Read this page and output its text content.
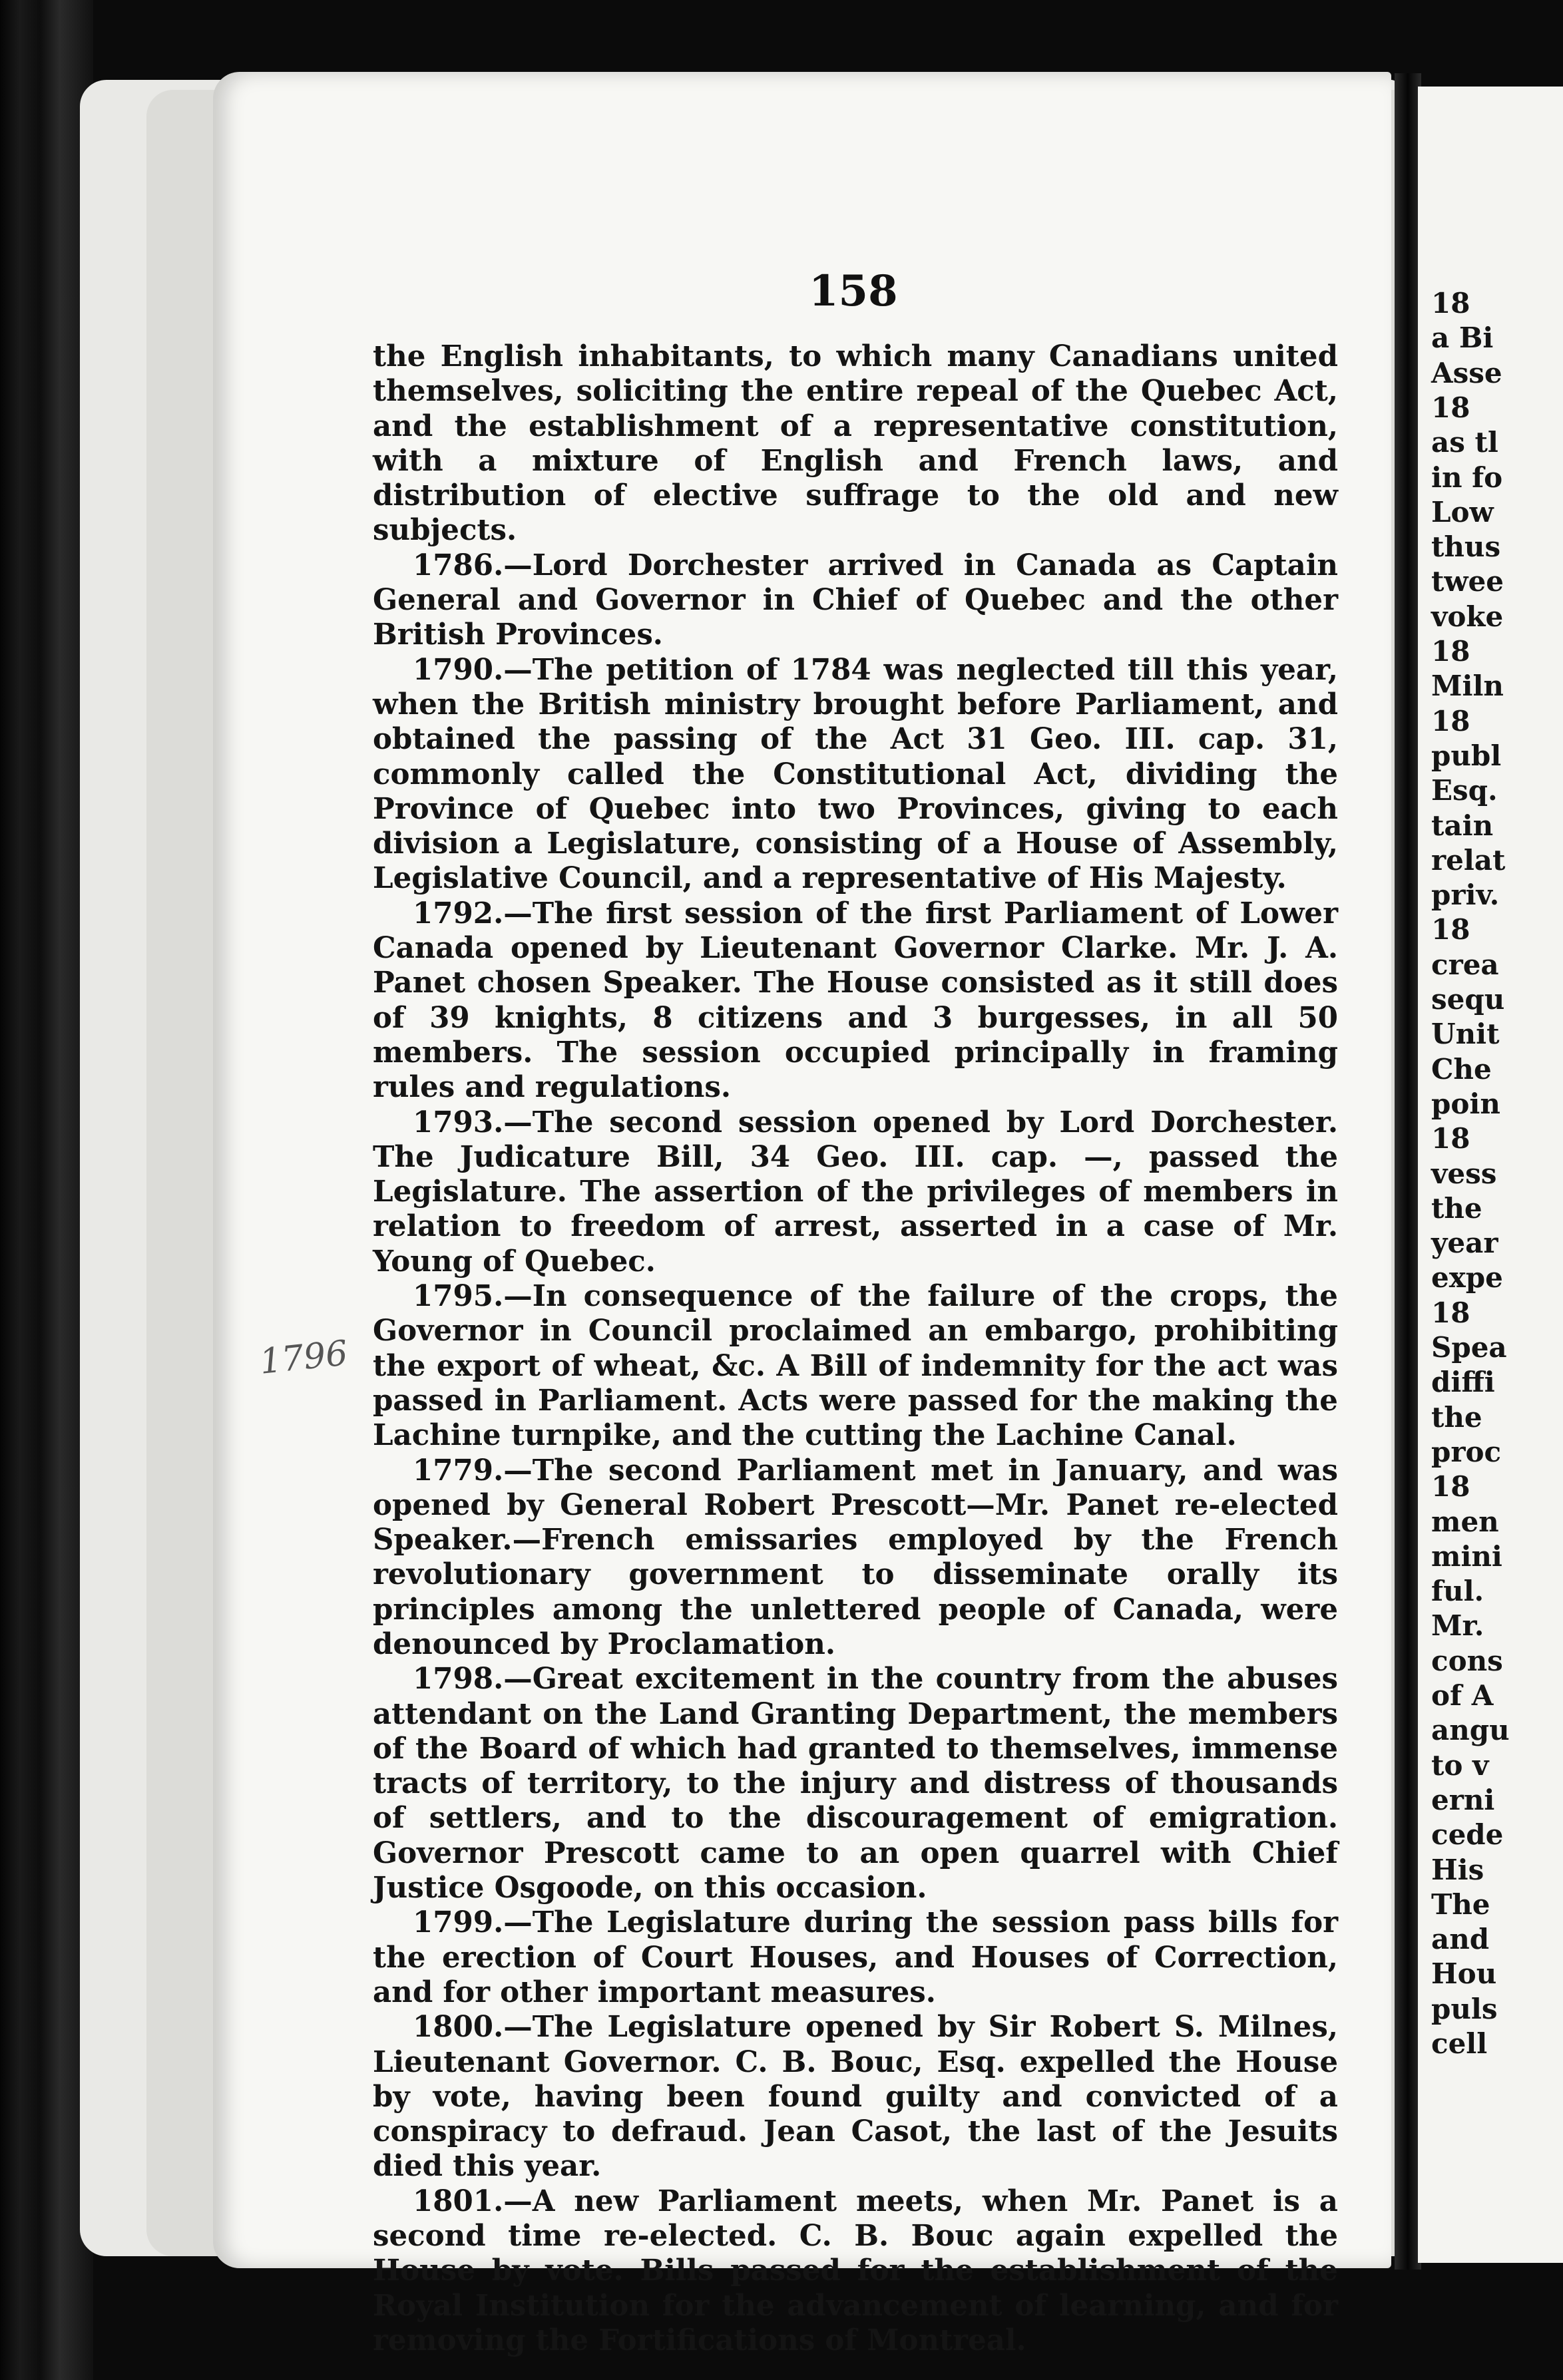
18
a Bi
Asse
18
as tl
in fo
Low
thus
twee
voke
18
Miln
18
publ
Esq.
tain
relat
priv.
18
crea
sequ
Unit
Che
poin
18
vess
the
year
expe
18
Spea
diffi
the
proc
18
men
mini
ful.
Mr.
cons
of A
angu
to v
erni
cede
His
The
and
Hou
puls
cell
158
1796

the English inhabitants, to which many Canadians united themselves, soliciting the entire repeal of the Quebec Act, and the establishment of a representative constitution, with a mixture of English and French laws, and distribution of elective suffrage to the old and new subjects.

1786.—Lord Dorchester arrived in Canada as Captain General and Governor in Chief of Quebec and the other British Provinces.

1790.—The petition of 1784 was neglected till this year, when the British ministry brought before Parliament, and obtained the passing of the Act 31 Geo. III. cap. 31, commonly called the Constitutional Act, dividing the Province of Quebec into two Provinces, giving to each division a Legislature, consisting of a House of Assembly, Legislative Council, and a representative of His Majesty.

1792.—The first session of the first Parliament of Lower Canada opened by Lieutenant Governor Clarke. Mr. J. A. Panet chosen Speaker. The House consisted as it still does of 39 knights, 8 citizens and 3 burgesses, in all 50 members. The session occupied principally in framing rules and regulations.

1793.—The second session opened by Lord Dorchester. The Judicature Bill, 34 Geo. III. cap. —, passed the Legislature. The assertion of the privileges of members in relation to freedom of arrest, asserted in a case of Mr. Young of Quebec.

1795.—In consequence of the failure of the crops, the Governor in Council proclaimed an embargo, prohibiting the export of wheat, &c. A Bill of indemnity for the act was passed in Parliament. Acts were passed for the making the Lachine turnpike, and the cutting the Lachine Canal.

1779.—The second Parliament met in January, and was opened by General Robert Prescott—Mr. Panet re-elected Speaker.—French emissaries employed by the French revolutionary government to disseminate orally its principles among the unlettered people of Canada, were denounced by Proclamation.

1798.—Great excitement in the country from the abuses attendant on the Land Granting Department, the members of the Board of which had granted to themselves, immense tracts of territory, to the injury and distress of thousands of settlers, and to the discouragement of emigration. Governor Prescott came to an open quarrel with Chief Justice Osgoode, on this occasion.

1799.—The Legislature during the session pass bills for the erection of Court Houses, and Houses of Correction, and for other important measures.

1800.—The Legislature opened by Sir Robert S. Milnes, Lieutenant Governor. C. B. Bouc, Esq. expelled the House by vote, having been found guilty and convicted of a conspiracy to defraud. Jean Casot, the last of the Jesuits died this year.

1801.—A new Parliament meets, when Mr. Panet is a second time re-elected. C. B. Bouc again expelled the House by vote. Bills passed for the establishment of the Royal Institution for the advancement of learning, and for removing the Fortifications of Montreal.
